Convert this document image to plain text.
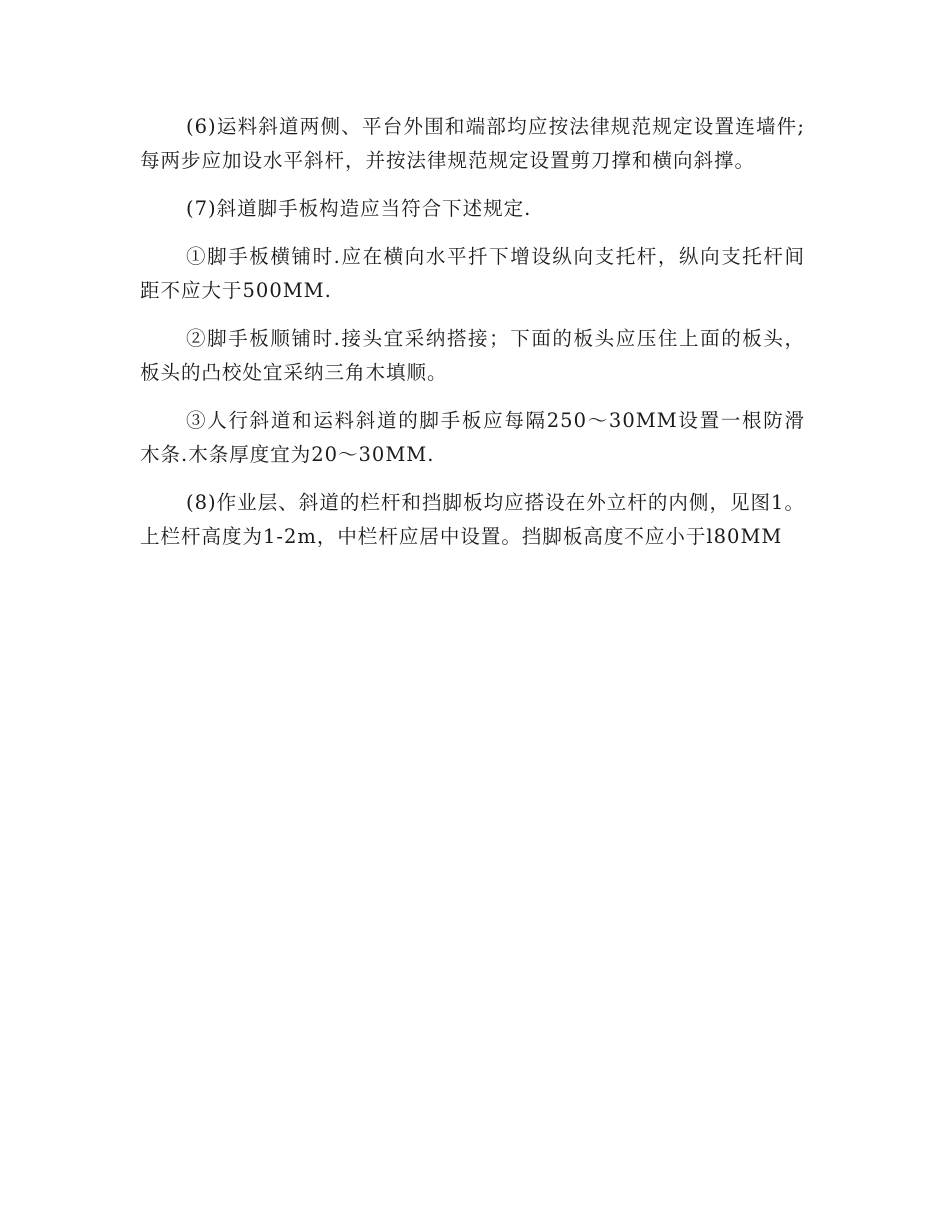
(6)运料斜道两侧、平台外围和端部均应按法律规范规定设置连墙件;每两步应加设水平斜杆，并按法律规范规定设置剪刀撑和横向斜撑。

(7)斜道脚手板构造应当符合下述规定.

①脚手板横铺时.应在横向水平扦下增设纵向支托杆，纵向支托杆间距不应大于500MM.

②脚手板顺铺时.接头宜采纳搭接；下面的板头应压住上面的板头，板头的凸校处宜采纳三角木填顺。

③人行斜道和运料斜道的脚手板应每隔250～30MM设置一根防滑木条.木条厚度宜为20～30MM.

(8)作业层、斜道的栏杆和挡脚板均应搭设在外立杆的内侧，见图1。上栏杆高度为1-2m，中栏杆应居中设置。挡脚板高度不应小于l80MM
